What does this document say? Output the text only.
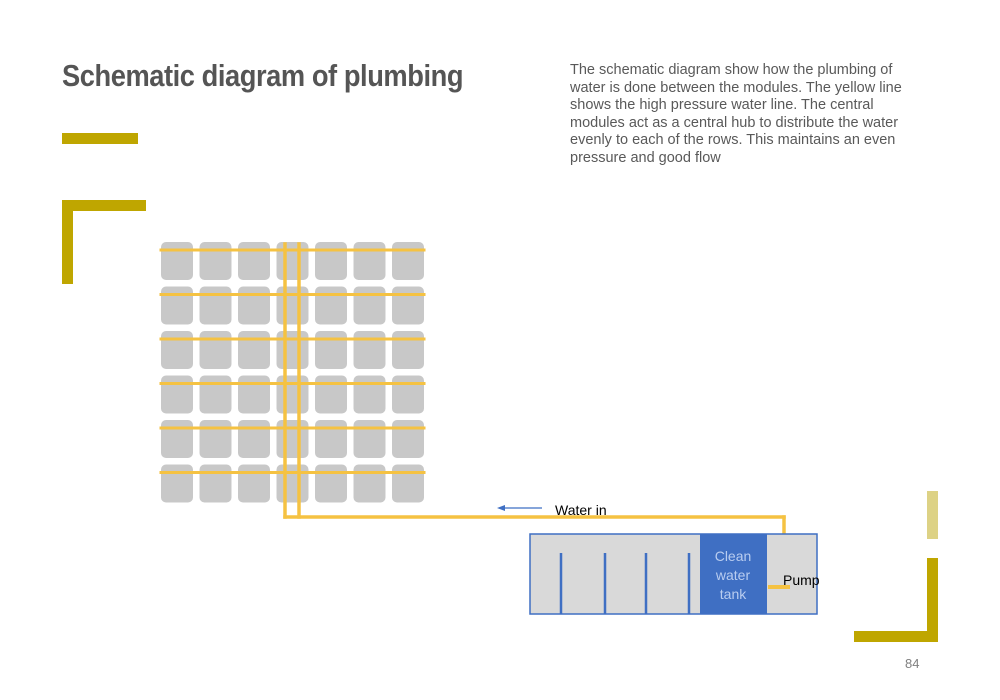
Schematic diagram of plumbing	The schematic diagram show how the plumbing of water is done between the modules. The yellow line shows the high pressure water line. The central modules act as a central hub to distribute the water evenly to each of the rows. This maintains an even pressure and good flow
84
Clean
water
tank
Pump
Water in
